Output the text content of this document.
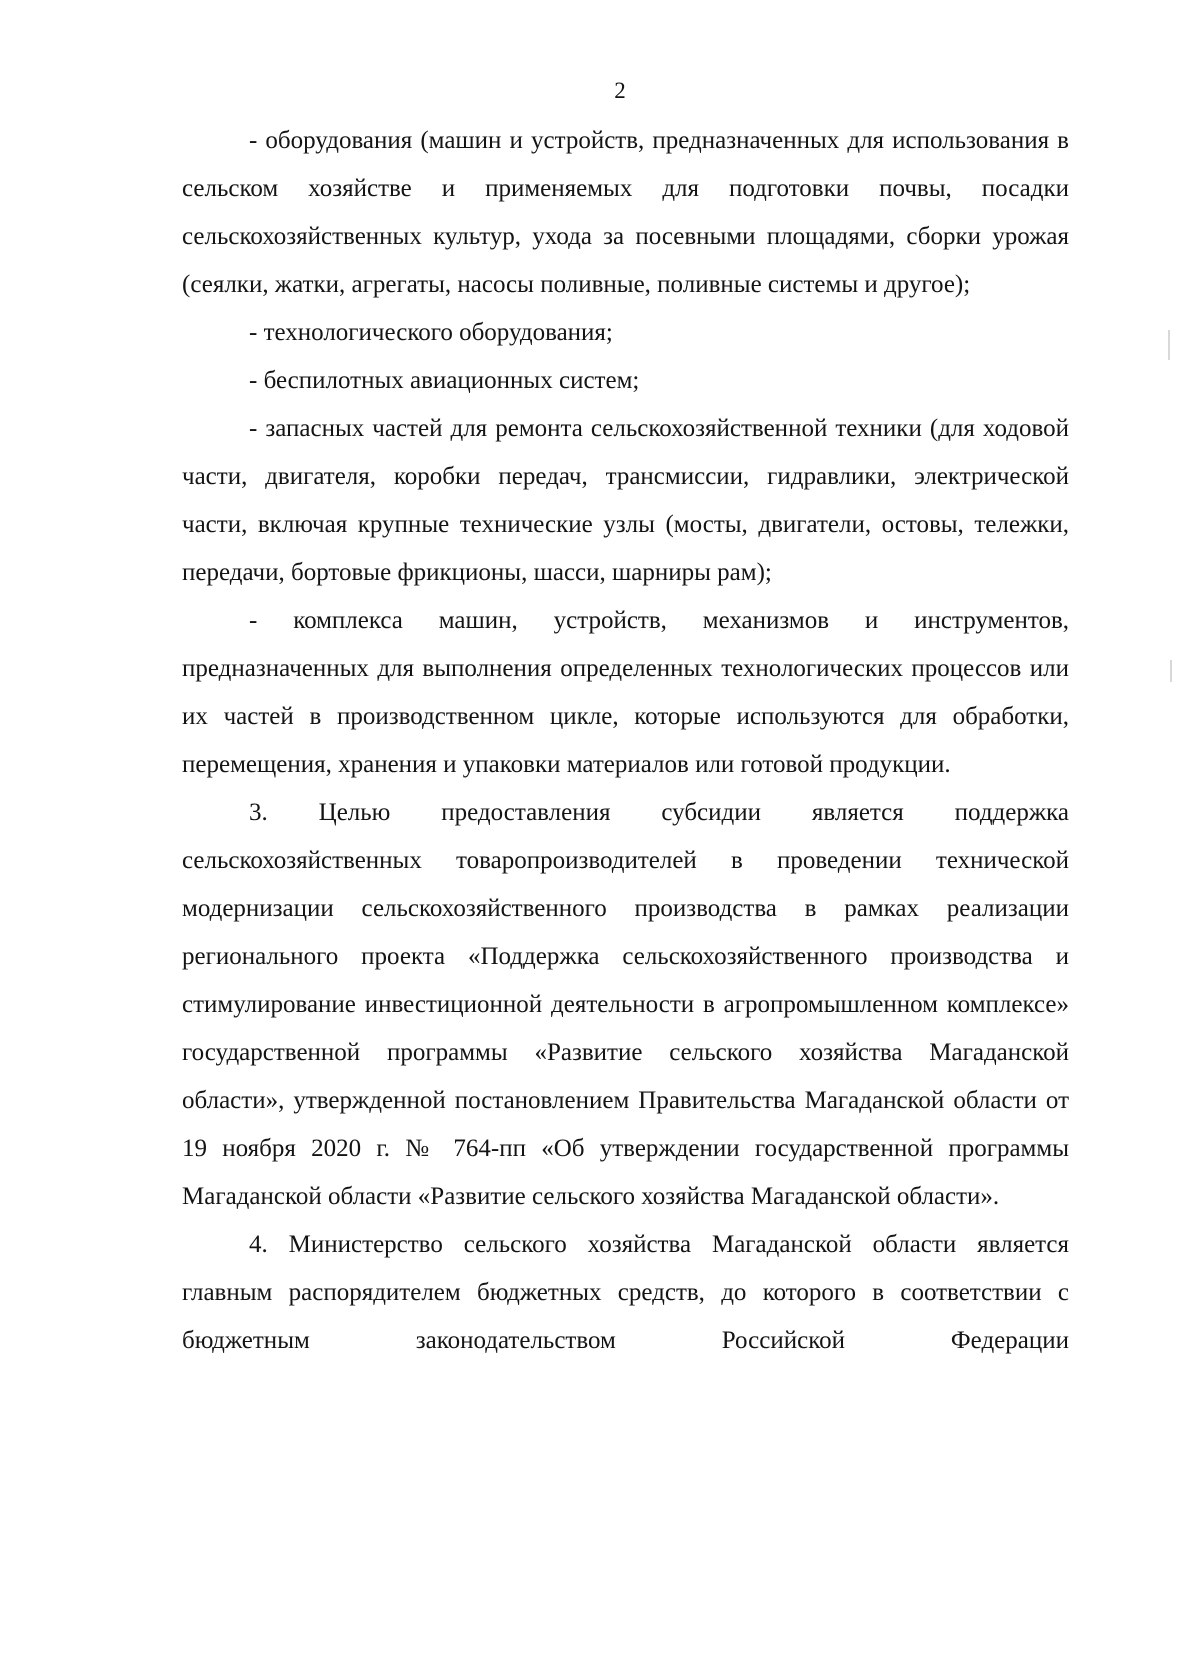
2

- оборудования (машин и устройств, предназначенных для использования в сельском хозяйстве и применяемых для подготовки почвы, посадки сельскохозяйственных культур, ухода за посевными площадями, сборки урожая (сеялки, жатки, агрегаты, насосы поливные, поливные системы и другое);

- технологического оборудования;

- беспилотных авиационных систем;

- запасных частей для ремонта сельскохозяйственной техники (для ходовой части, двигателя, коробки передач, трансмиссии, гидравлики, электрической части, включая крупные технические узлы (мосты, двигатели, остовы, тележки, передачи, бортовые фрикционы, шасси, шарниры рам);

- комплекса машин, устройств, механизмов и инструментов, предназначенных для выполнения определенных технологических процессов или их частей в производственном цикле, которые используются для обработки, перемещения, хранения и упаковки материалов или готовой продукции.

3. Целью предоставления субсидии является поддержка сельскохозяйственных товаропроизводителей в проведении технической модернизации сельскохозяйственного производства в рамках реализации регионального проекта «Поддержка сельскохозяйственного производства и стимулирование инвестиционной деятельности в агропромышленном комплексе» государственной программы «Развитие сельского хозяйства Магаданской области», утвержденной постановлением Правительства Магаданской области от 19 ноября 2020 г. № 764-пп «Об утверждении государственной программы Магаданской области «Развитие сельского хозяйства Магаданской области».

4. Министерство сельского хозяйства Магаданской области является главным распорядителем бюджетных средств, до которого в соответствии с бюджетным законодательством Российской Федерации
